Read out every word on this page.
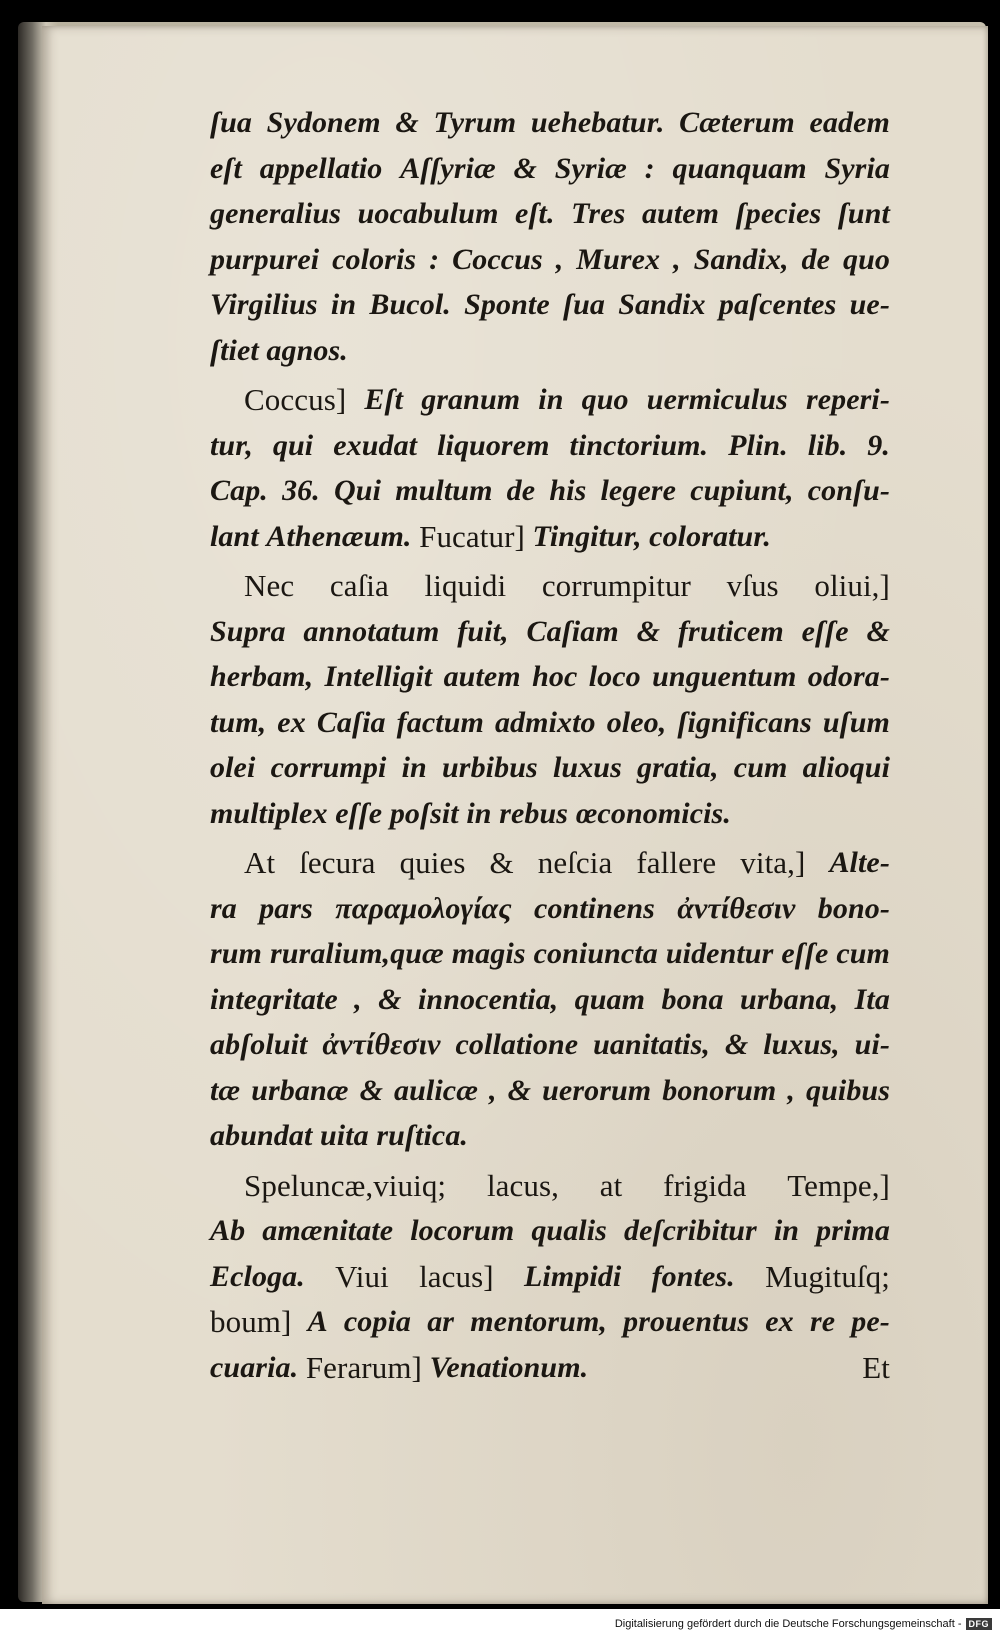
ſua Sydonem & Tyrum uehebatur. Cæterum eadem
eſt appellatio Aſſyriæ & Syriæ : quanquam Syria
generalius uocabulum eſt. Tres autem ſpecies ſunt
purpurei coloris : Coccus , Murex , Sandix, de quo
Virgilius in Bucol. Sponte ſua Sandix paſcentes ue-
ſtiet
agnos.
Coccus] Eſt granum in quo uermiculus reperi-
tur, qui exudat liquorem tinctorium. Plin. lib. 9.
Cap. 36. Qui multum de his legere cupiunt, conſu-
lant
Athenæum.
Fucatur]
Tingitur,
coloratur.
Nec caſia liquidi corrumpitur vſus oliui,]
Supra annotatum fuit, Caſiam & fruticem eſſe &
herbam, Intelligit autem hoc loco unguentum odora-
tum, ex Caſia factum admixto oleo, ſignificans uſum
olei corrumpi in urbibus luxus gratia, cum alioqui
multiplex
eſſe
poſsit
in
rebus
œconomicis.
At ſecura quies & neſcia fallere vita,] Alte-
ra pars παραμολογίας continens ἀντίθεσιν bono-
rum ruralium,quæ magis coniuncta uidentur eſſe cum
integritate , & innocentia, quam bona urbana, Ita
abſoluit ἀντίθεσιν collatione uanitatis, & luxus, ui-
tæ urbanæ & aulicæ , & uerorum bonorum , quibus
abundat
uita
ruſtica.
Speluncæ,viuiq; lacus, at frigida Tempe,]
Ab amænitate locorum qualis deſcribitur in prima
Ecloga. Viui lacus] Limpidi fontes. Mugituſq;
boum] A copia ar mentorum, prouentus ex re pe-
cuaria.
Ferarum]
Venationum.	Et
Digitalisierung gefördert durch die Deutsche Forschungsgemeinschaft - DFG
